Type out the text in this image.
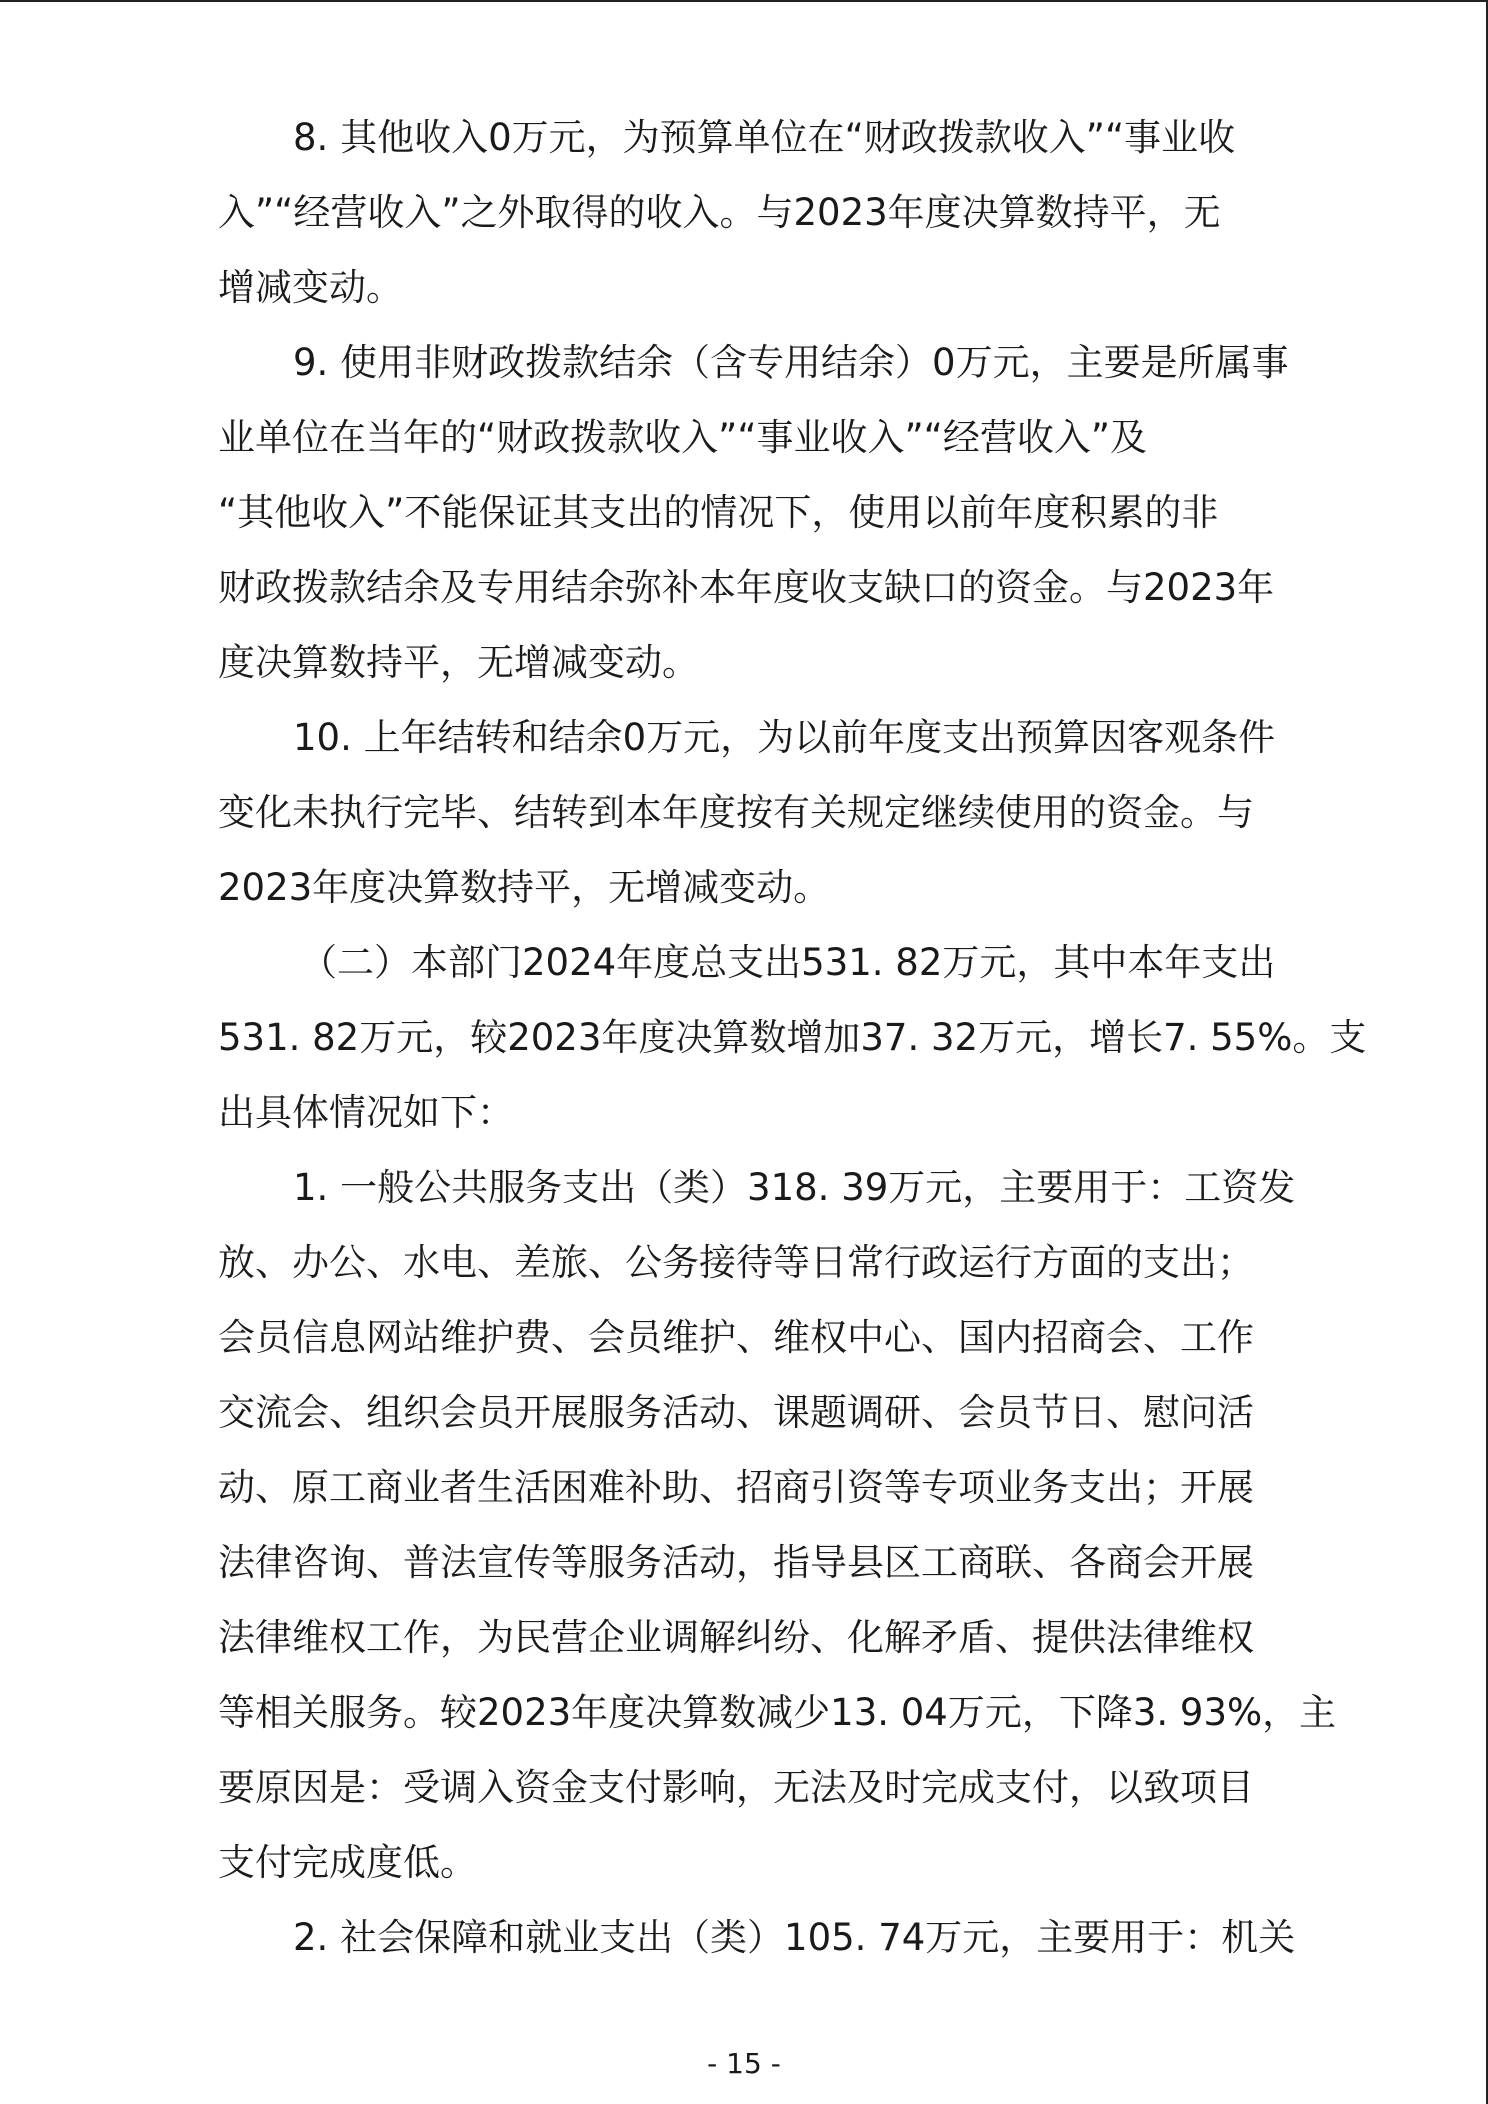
8. 其他收入0万元，为预算单位在“财政拨款收入”“事业收
入”“经营收入”之外取得的收入。与2023年度决算数持平，无
增减变动。
9. 使用非财政拨款结余（含专用结余）0万元，主要是所属事
业单位在当年的“财政拨款收入”“事业收入”“经营收入”及
“其他收入”不能保证其支出的情况下，使用以前年度积累的非
财政拨款结余及专用结余弥补本年度收支缺口的资金。与2023年
度决算数持平，无增减变动。
10. 上年结转和结余0万元，为以前年度支出预算因客观条件
变化未执行完毕、结转到本年度按有关规定继续使用的资金。与
2023年度决算数持平，无增减变动。
（二）本部门2024年度总支出531. 82万元，其中本年支出
531. 82万元，较2023年度决算数增加37. 32万元，增长7. 55%。支
出具体情况如下：
1. 一般公共服务支出（类）318. 39万元，主要用于：工资发
放、办公、水电、差旅、公务接待等日常行政运行方面的支出；
会员信息网站维护费、会员维护、维权中心、国内招商会、工作
交流会、组织会员开展服务活动、课题调研、会员节日、慰问活
动、原工商业者生活困难补助、招商引资等专项业务支出；开展
法律咨询、普法宣传等服务活动，指导县区工商联、各商会开展
法律维权工作，为民营企业调解纠纷、化解矛盾、提供法律维权
等相关服务。较2023年度决算数减少13. 04万元，下降3. 93%，主
要原因是：受调入资金支付影响，无法及时完成支付，以致项目
支付完成度低。
2. 社会保障和就业支出（类）105. 74万元，主要用于：机关
- 15 -
